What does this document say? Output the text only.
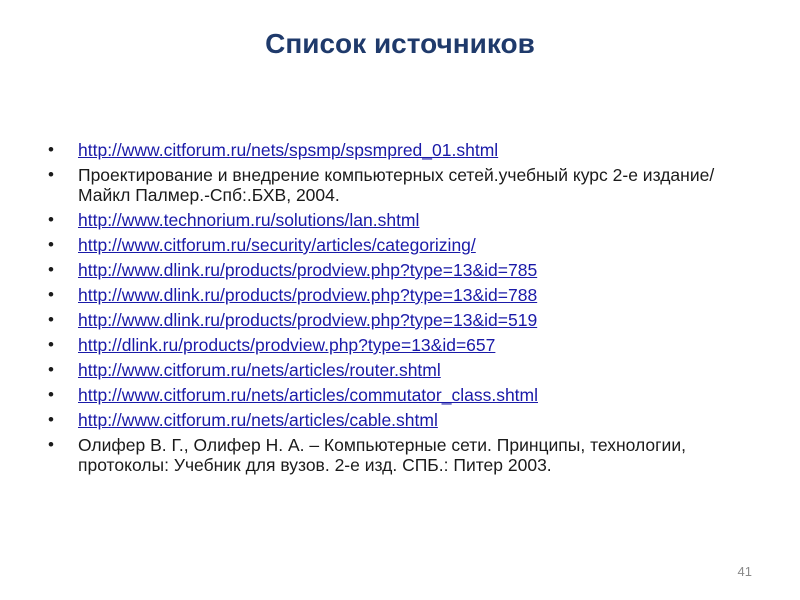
Список источников
• http://www.citforum.ru/nets/spsmp/spsmpred_01.shtml
• Проектирование и внедрение компьютерных сетей.учебный курс 2-е издание/Майкл Палмер.-Спб:.БХВ, 2004.
• http://www.technorium.ru/solutions/lan.shtml
• http://www.citforum.ru/security/articles/categorizing/
• http://www.dlink.ru/products/prodview.php?type=13&id=785
• http://www.dlink.ru/products/prodview.php?type=13&id=788
• http://www.dlink.ru/products/prodview.php?type=13&id=519
• http://dlink.ru/products/prodview.php?type=13&id=657
• http://www.citforum.ru/nets/articles/router.shtml
• http://www.citforum.ru/nets/articles/commutator_class.shtml
• http://www.citforum.ru/nets/articles/cable.shtml
• Олифер В. Г., Олифер Н. А. – Компьютерные сети. Принципы, технологии, протоколы: Учебник для вузов. 2-е изд. СПБ.: Питер 2003.
41
